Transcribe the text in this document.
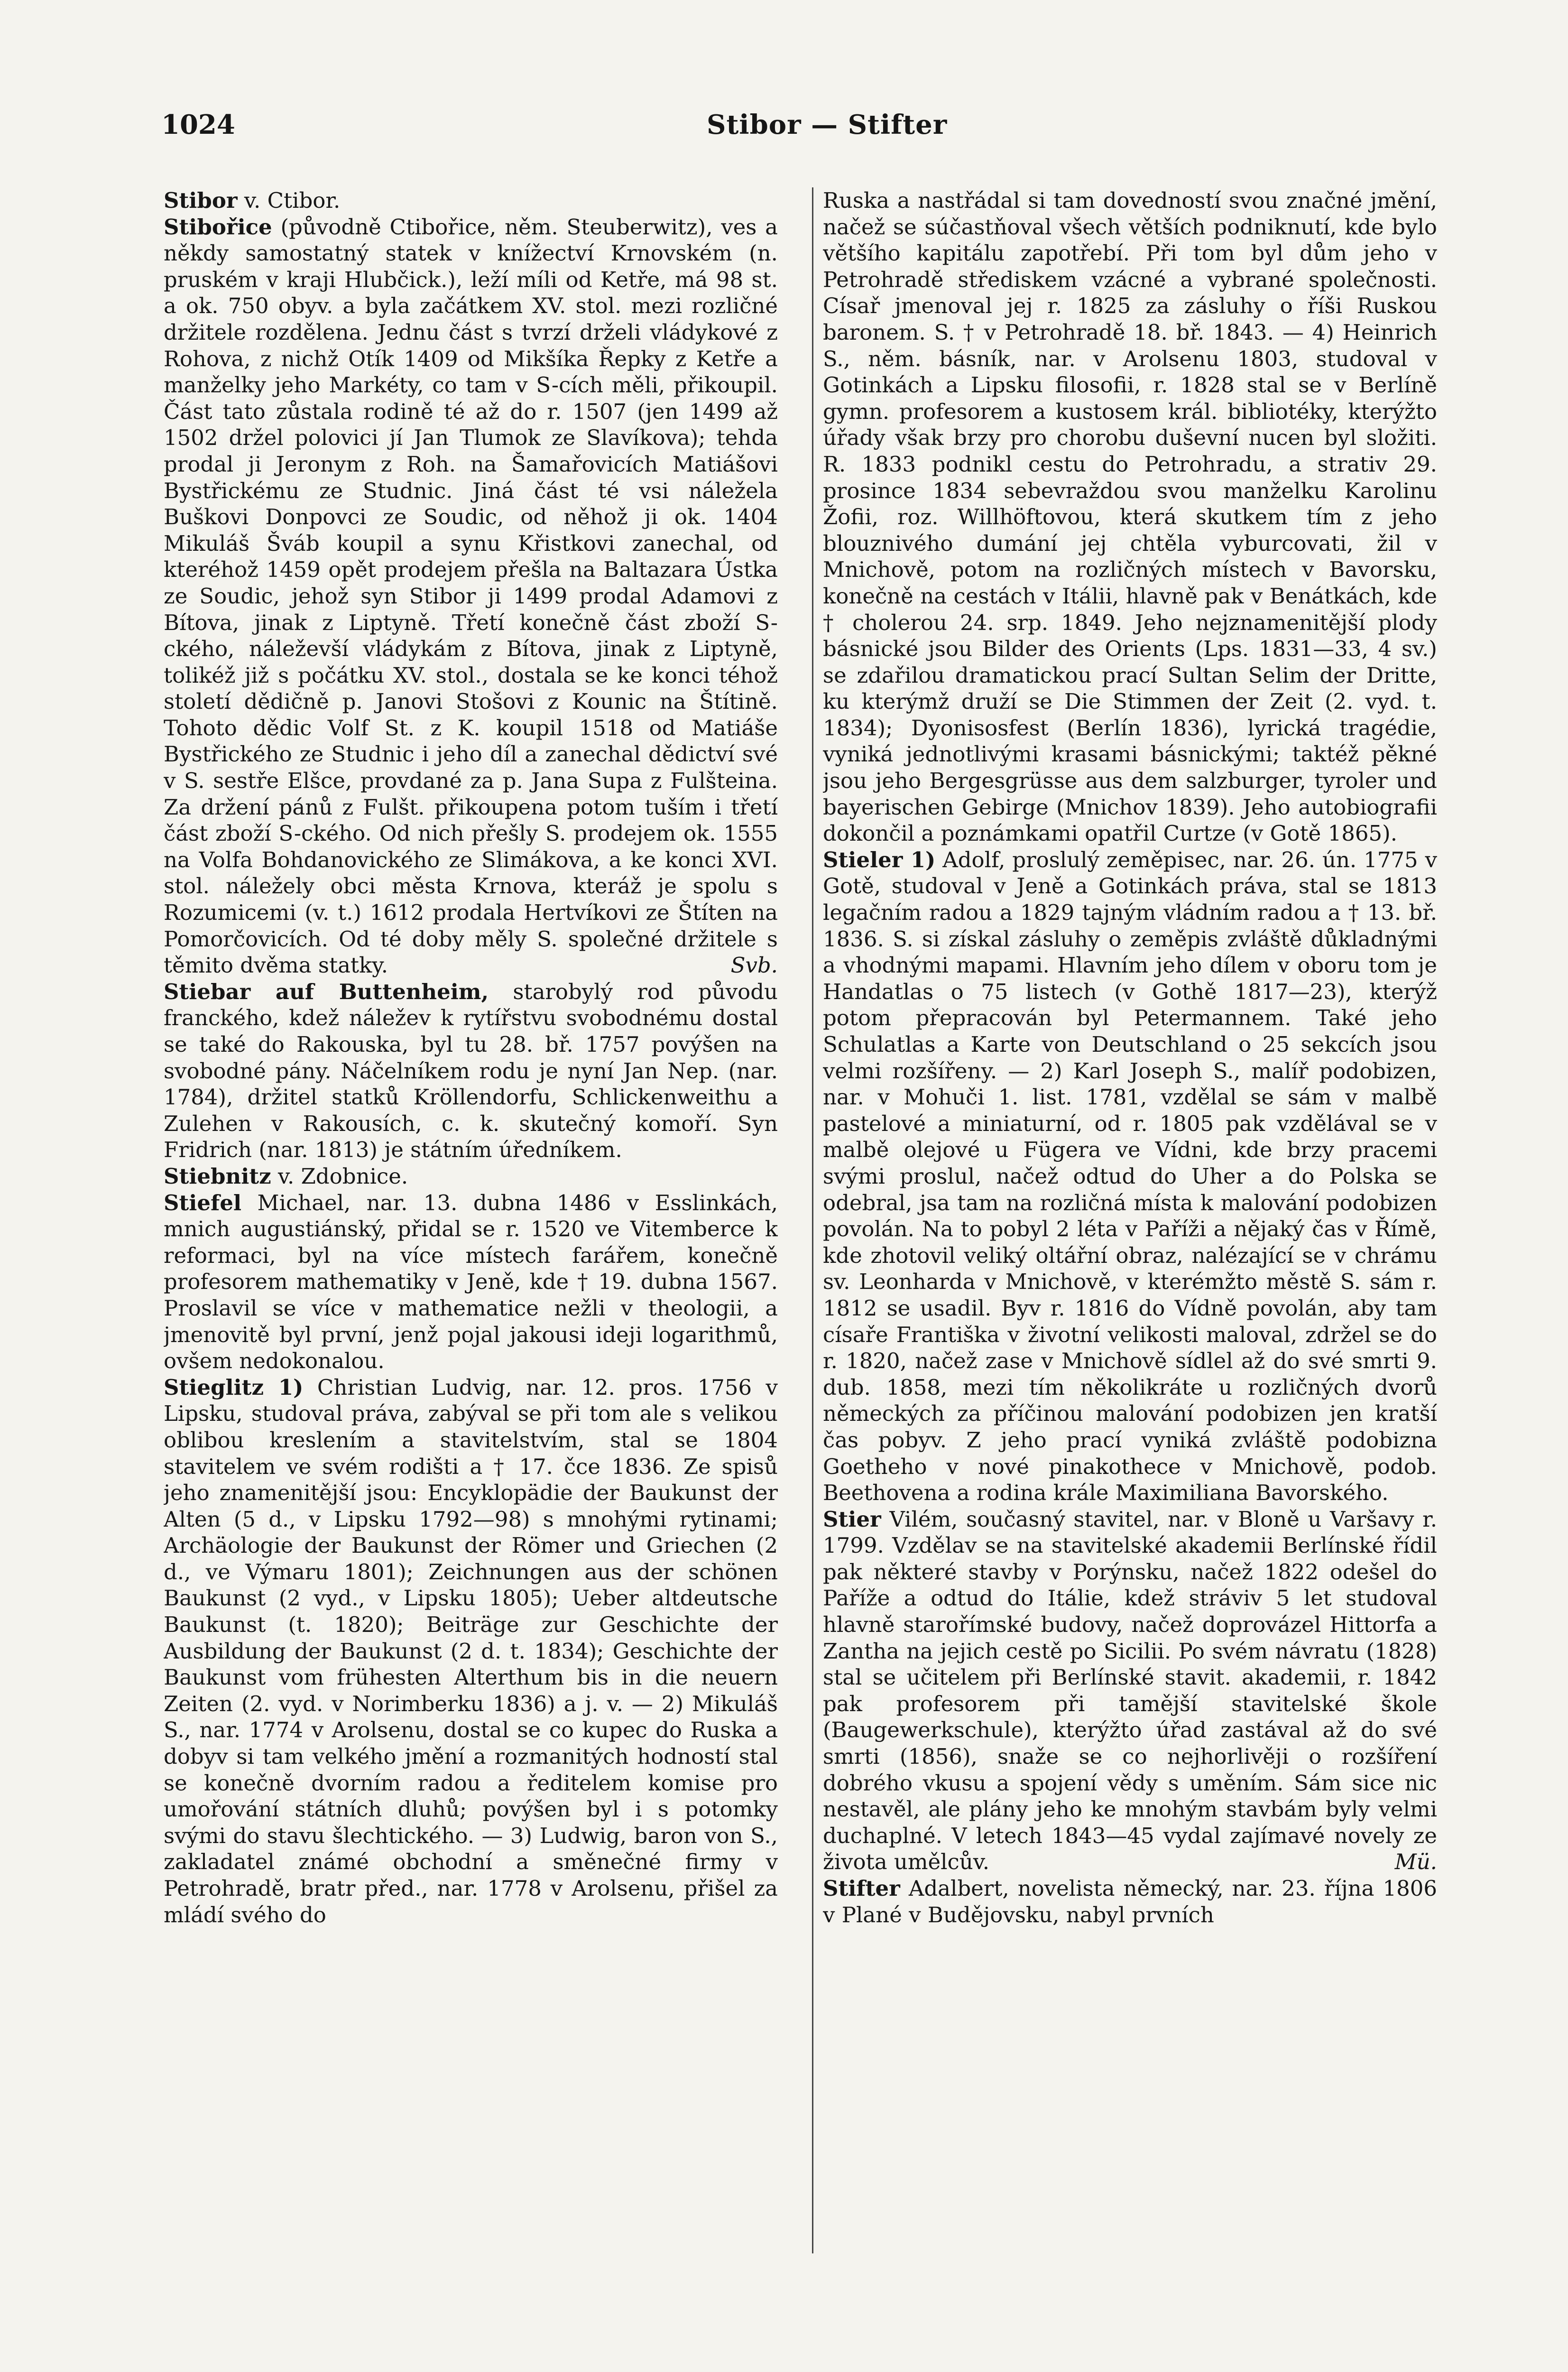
1024	Stibor — Stifter

Stibor v. Ctibor.

Stibořice (původně Ctibořice, něm. Steuberwitz), ves a někdy samostatný statek v knížectví Krnovském (n. pruském v kraji Hlubčick.), leží míli od Ketře, má 98 st. a ok. 750 obyv. a byla začátkem XV. stol. mezi rozličné držitele rozdělena. Jednu část s tvrzí drželi vládykové z Rohova, z nichž Otík 1409 od Mikšíka Řepky z Ketře a manželky jeho Markéty, co tam v S-cích měli, přikoupil. Část tato zůstala rodině té až do r. 1507 (jen 1499 až 1502 držel polovici jí Jan Tlumok ze Slavíkova); tehda prodal ji Jeronym z Roh. na Šamařovicích Matiášovi Bystřickému ze Studnic. Jiná část té vsi náležela Buškovi Donpovci ze Soudic, od něhož ji ok. 1404 Mikuláš Šváb koupil a synu Křistkovi zanechal, od kteréhož 1459 opět prodejem přešla na Baltazara Ústka ze Soudic, jehož syn Stibor ji 1499 prodal Adamovi z Bítova, jinak z Liptyně. Třetí konečně část zboží S-ckého, náleževší vládykám z Bítova, jinak z Liptyně, tolikéž již s počátku XV. stol., dostala se ke konci téhož století dědičně p. Janovi Stošovi z Kounic na Štítině. Tohoto dědic Volf St. z K. koupil 1518 od Matiáše Bystřického ze Studnic i jeho díl a zanechal dědictví své v S. sestře Elšce, provdané za p. Jana Supa z Fulšteina. Za držení pánů z Fulšt. přikoupena potom tuším i třetí část zboží S-ckého. Od nich přešly S. prodejem ok. 1555 na Volfa Bohdanovického ze Slimákova, a ke konci XVI. stol. náležely obci města Krnova, kteráž je spolu s Rozumicemi (v. t.) 1612 prodala Hertvíkovi ze Štíten na Pomorčovicích. Od té doby měly S. společné držitele s těmito dvěma statky.	Svb.

Stiebar auf Buttenheim, starobylý rod původu franckého, kdež náležev k rytířstvu svobodnému dostal se také do Rakouska, byl tu 28. bř. 1757 povýšen na svobodné pány. Náčelníkem rodu je nyní Jan Nep. (nar. 1784), držitel statků Kröllendorfu, Schlickenweithu a Zulehen v Rakousích, c. k. skutečný komoří. Syn Fridrich (nar. 1813) je státním úředníkem.

Stiebnitz v. Zdobnice.

Stiefel Michael, nar. 13. dubna 1486 v Esslinkách, mnich augustiánský, přidal se r. 1520 ve Vitemberce k reformaci, byl na více místech farářem, konečně profesorem mathematiky v Jeně, kde † 19. dubna 1567. Proslavil se více v mathematice nežli v theologii, a jmenovitě byl první, jenž pojal jakousi ideji logarithmů, ovšem nedokonalou.

Stieglitz 1) Christian Ludvig, nar. 12. pros. 1756 v Lipsku, studoval práva, zabýval se při tom ale s velikou oblibou kreslením a stavitelstvím, stal se 1804 stavitelem ve svém rodišti a † 17. čce 1836. Ze spisů jeho znamenitější jsou: Encyklopädie der Baukunst der Alten (5 d., v Lipsku 1792—98) s mnohými rytinami; Archäologie der Baukunst der Römer und Griechen (2 d., ve Výmaru 1801); Zeichnungen aus der schönen Baukunst (2 vyd., v Lipsku 1805); Ueber altdeutsche Baukunst (t. 1820); Beiträge zur Geschichte der Ausbildung der Baukunst (2 d. t. 1834); Geschichte der Baukunst vom frühesten Alterthum bis in die neuern Zeiten (2. vyd. v Norimberku 1836) a j. v. — 2) Mikuláš S., nar. 1774 v Arolsenu, dostal se co kupec do Ruska a dobyv si tam velkého jmění a rozmanitých hodností stal se konečně dvorním radou a ředitelem komise pro umořování státních dluhů; povýšen byl i s potomky svými do stavu šlechtického. — 3) Ludwig, baron von S., zakladatel známé obchodní a směnečné firmy v Petrohradě, bratr před., nar. 1778 v Arolsenu, přišel za mládí svého do

Ruska a nastřádal si tam dovedností svou značné jmění, načež se súčastňoval všech větších podniknutí, kde bylo většího kapitálu zapotřebí. Při tom byl dům jeho v Petrohradě střediskem vzácné a vybrané společnosti. Císař jmenoval jej r. 1825 za zásluhy o říši Ruskou baronem. S. † v Petrohradě 18. bř. 1843. — 4) Heinrich S., něm. básník, nar. v Arolsenu 1803, studoval v Gotinkách a Lipsku filosofii, r. 1828 stal se v Berlíně gymn. profesorem a kustosem král. bibliotéky, kterýžto úřady však brzy pro chorobu duševní nucen byl složiti. R. 1833 podnikl cestu do Petrohradu, a strativ 29. prosince 1834 sebevraždou svou manželku Karolinu Žofii, roz. Willhöftovou, která skutkem tím z jeho blouznivého dumání jej chtěla vyburcovati, žil v Mnichově, potom na rozličných místech v Bavorsku, konečně na cestách v Itálii, hlavně pak v Benátkách, kde † cholerou 24. srp. 1849. Jeho nejznamenitější plody básnické jsou Bilder des Orients (Lps. 1831—33, 4 sv.) se zdařilou dramatickou prací Sultan Selim der Dritte, ku kterýmž druží se Die Stimmen der Zeit (2. vyd. t. 1834); Dyonisosfest (Berlín 1836), lyrická tragédie, vyniká jednotlivými krasami básnickými; taktéž pěkné jsou jeho Bergesgrüsse aus dem salzburger, tyroler und bayerischen Gebirge (Mnichov 1839). Jeho autobiografii dokončil a poznámkami opatřil Curtze (v Gotě 1865).

Stieler 1) Adolf, proslulý zeměpisec, nar. 26. ún. 1775 v Gotě, studoval v Jeně a Gotinkách práva, stal se 1813 legačním radou a 1829 tajným vládním radou a † 13. bř. 1836. S. si získal zásluhy o zeměpis zvláště důkladnými a vhodnými mapami. Hlavním jeho dílem v oboru tom je Handatlas o 75 listech (v Gothě 1817—23), kterýž potom přepracován byl Petermannem. Také jeho Schulatlas a Karte von Deutschland o 25 sekcích jsou velmi rozšířeny. — 2) Karl Joseph S., malíř podobizen, nar. v Mohuči 1. list. 1781, vzdělal se sám v malbě pastelové a miniaturní, od r. 1805 pak vzdělával se v malbě olejové u Fügera ve Vídni, kde brzy pracemi svými proslul, načež odtud do Uher a do Polska se odebral, jsa tam na rozličná místa k malování podobizen povolán. Na to pobyl 2 léta v Paříži a nějaký čas v Římě, kde zhotovil veliký oltářní obraz, nalézající se v chrámu sv. Leonharda v Mnichově, v kterémžto městě S. sám r. 1812 se usadil. Byv r. 1816 do Vídně povolán, aby tam císaře Františka v životní velikosti maloval, zdržel se do r. 1820, načež zase v Mnichově sídlel až do své smrti 9. dub. 1858, mezi tím několikráte u rozličných dvorů německých za příčinou malování podobizen jen kratší čas pobyv. Z jeho prací vyniká zvláště podobizna Goetheho v nové pinakothece v Mnichově, podob. Beethovena a rodina krále Maximiliana Bavorského.

Stier Vilém, současný stavitel, nar. v Bloně u Varšavy r. 1799. Vzdělav se na stavitelské akademii Berlínské řídil pak některé stavby v Porýnsku, načež 1822 odešel do Paříže a odtud do Itálie, kdež stráviv 5 let studoval hlavně starořímské budovy, načež doprovázel Hittorfa a Zantha na jejich cestě po Sicilii. Po svém návratu (1828) stal se učitelem při Berlínské stavit. akademii, r. 1842 pak profesorem při tamější stavitelské škole (Baugewerkschule), kterýžto úřad zastával až do své smrti (1856), snaže se co nejhorlivěji o rozšíření dobrého vkusu a spojení vědy s uměním. Sám sice nic nestavěl, ale plány jeho ke mnohým stavbám byly velmi duchaplné. V letech 1843—45 vydal zajímavé novely ze života umělcův.	Mü.

Stifter Adalbert, novelista německý, nar. 23. října 1806 v Plané v Budějovsku, nabyl prvních
